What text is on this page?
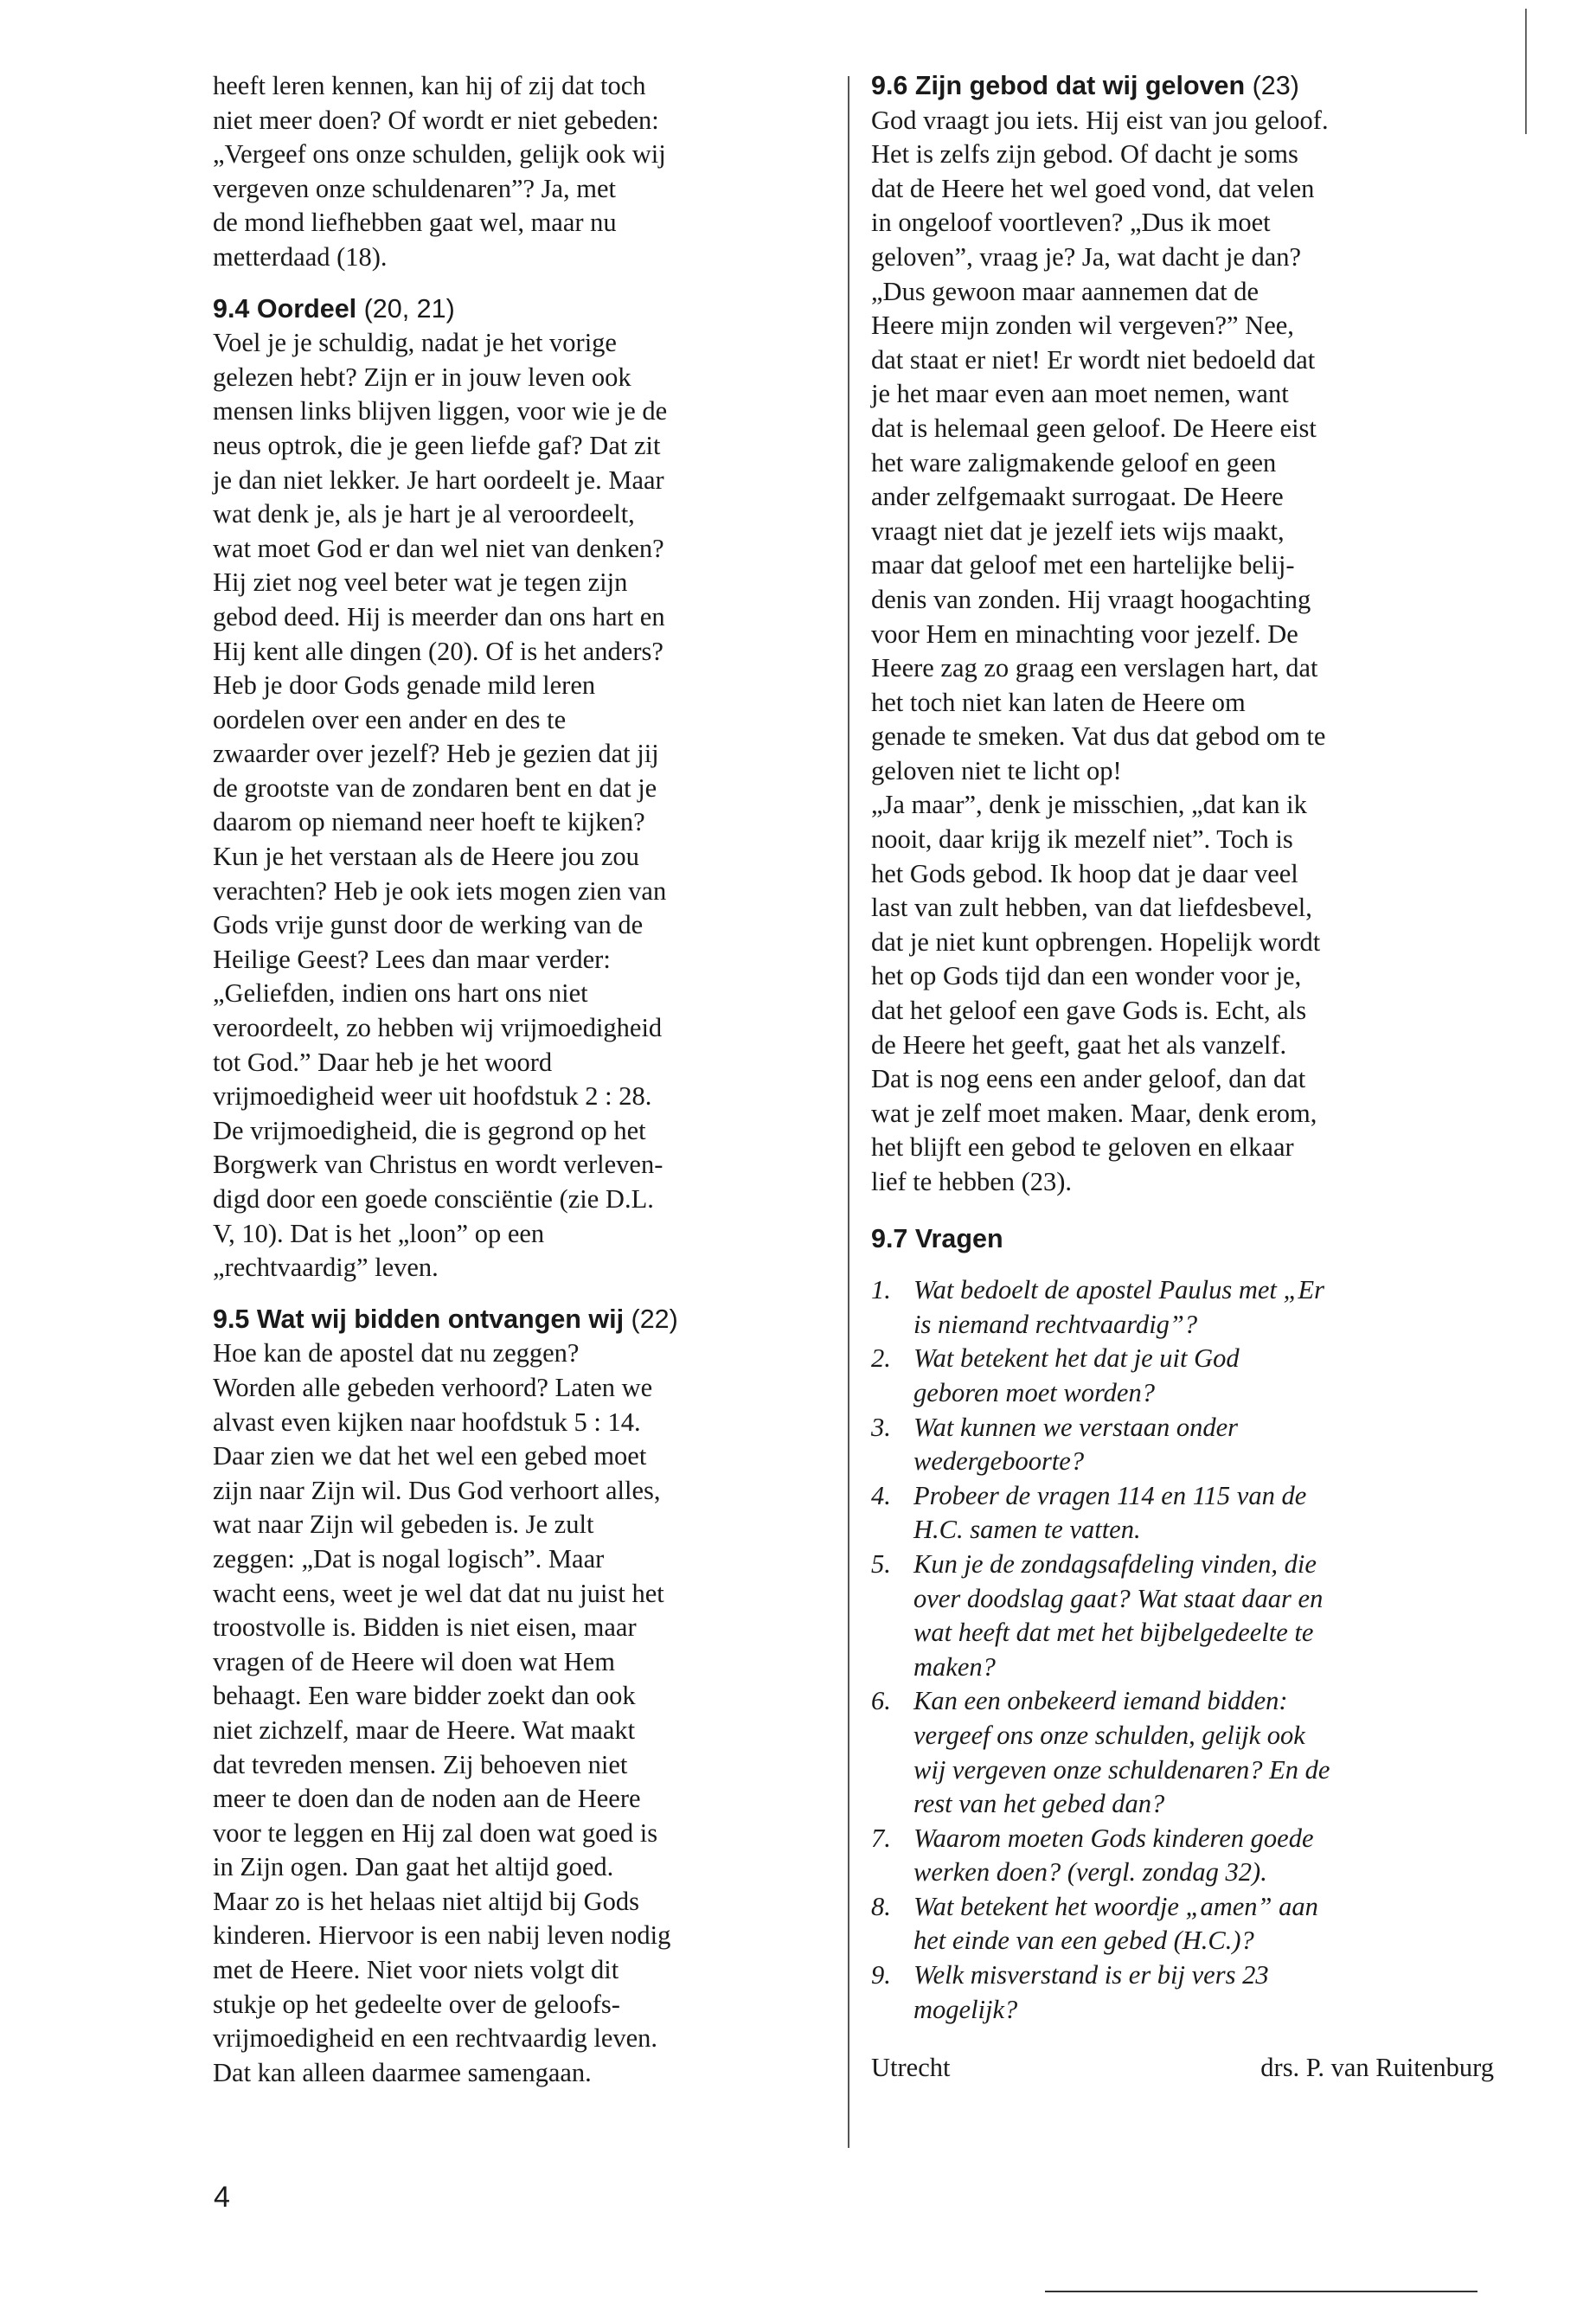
heeft leren kennen, kan hij of zij dat toch
niet meer doen? Of wordt er niet gebeden:
„Vergeef ons onze schulden, gelijk ook wij
vergeven onze schuldenaren”? Ja, met
de mond liefhebben gaat wel, maar nu
metterdaad (18).
9.4 Oordeel (20, 21)
Voel je je schuldig, nadat je het vorige
gelezen hebt? Zijn er in jouw leven ook
mensen links blijven liggen, voor wie je de
neus optrok, die je geen liefde gaf? Dat zit
je dan niet lekker. Je hart oordeelt je. Maar
wat denk je, als je hart je al veroordeelt,
wat moet God er dan wel niet van denken?
Hij ziet nog veel beter wat je tegen zijn
gebod deed. Hij is meerder dan ons hart en
Hij kent alle dingen (20). Of is het anders?
Heb je door Gods genade mild leren
oordelen over een ander en des te
zwaarder over jezelf? Heb je gezien dat jij
de grootste van de zondaren bent en dat je
daarom op niemand neer hoeft te kijken?
Kun je het verstaan als de Heere jou zou
verachten? Heb je ook iets mogen zien van
Gods vrije gunst door de werking van de
Heilige Geest? Lees dan maar verder:
„Geliefden, indien ons hart ons niet
veroordeelt, zo hebben wij vrijmoedigheid
tot God.” Daar heb je het woord
vrijmoedigheid weer uit hoofdstuk 2 : 28.
De vrijmoedigheid, die is gegrond op het
Borgwerk van Christus en wordt verleven-
digd door een goede consciëntie (zie D.L.
V, 10). Dat is het „loon” op een
„rechtvaardig” leven.
9.5 Wat wij bidden ontvangen wij (22)
Hoe kan de apostel dat nu zeggen?
Worden alle gebeden verhoord? Laten we
alvast even kijken naar hoofdstuk 5 : 14.
Daar zien we dat het wel een gebed moet
zijn naar Zijn wil. Dus God verhoort alles,
wat naar Zijn wil gebeden is. Je zult
zeggen: „Dat is nogal logisch”. Maar
wacht eens, weet je wel dat dat nu juist het
troostvolle is. Bidden is niet eisen, maar
vragen of de Heere wil doen wat Hem
behaagt. Een ware bidder zoekt dan ook
niet zichzelf, maar de Heere. Wat maakt
dat tevreden mensen. Zij behoeven niet
meer te doen dan de noden aan de Heere
voor te leggen en Hij zal doen wat goed is
in Zijn ogen. Dan gaat het altijd goed.
Maar zo is het helaas niet altijd bij Gods
kinderen. Hiervoor is een nabij leven nodig
met de Heere. Niet voor niets volgt dit
stukje op het gedeelte over de geloofs-
vrijmoedigheid en een rechtvaardig leven.
Dat kan alleen daarmee samengaan.
9.6 Zijn gebod dat wij geloven (23)
God vraagt jou iets. Hij eist van jou geloof.
Het is zelfs zijn gebod. Of dacht je soms
dat de Heere het wel goed vond, dat velen
in ongeloof voortleven? „Dus ik moet
geloven”, vraag je? Ja, wat dacht je dan?
„Dus gewoon maar aannemen dat de
Heere mijn zonden wil vergeven?” Nee,
dat staat er niet! Er wordt niet bedoeld dat
je het maar even aan moet nemen, want
dat is helemaal geen geloof. De Heere eist
het ware zaligmakende geloof en geen
ander zelfgemaakt surrogaat. De Heere
vraagt niet dat je jezelf iets wijs maakt,
maar dat geloof met een hartelijke belij-
denis van zonden. Hij vraagt hoogachting
voor Hem en minachting voor jezelf. De
Heere zag zo graag een verslagen hart, dat
het toch niet kan laten de Heere om
genade te smeken. Vat dus dat gebod om te
geloven niet te licht op!
„Ja maar”, denk je misschien, „dat kan ik
nooit, daar krijg ik mezelf niet”. Toch is
het Gods gebod. Ik hoop dat je daar veel
last van zult hebben, van dat liefdesbevel,
dat je niet kunt opbrengen. Hopelijk wordt
het op Gods tijd dan een wonder voor je,
dat het geloof een gave Gods is. Echt, als
de Heere het geeft, gaat het als vanzelf.
Dat is nog eens een ander geloof, dan dat
wat je zelf moet maken. Maar, denk erom,
het blijft een gebod te geloven en elkaar
lief te hebben (23).
9.7 Vragen
1. Wat bedoelt de apostel Paulus met „Er
is niemand rechtvaardig”?
2. Wat betekent het dat je uit God
geboren moet worden?
3. Wat kunnen we verstaan onder
wedergeboorte?
4. Probeer de vragen 114 en 115 van de
H.C. samen te vatten.
5. Kun je de zondagsafdeling vinden, die
over doodslag gaat? Wat staat daar en
wat heeft dat met het bijbelgedeelte te
maken?
6. Kan een onbekeerd iemand bidden:
vergeef ons onze schulden, gelijk ook
wij vergeven onze schuldenaren? En de
rest van het gebed dan?
7. Waarom moeten Gods kinderen goede
werken doen? (vergl. zondag 32).
8. Wat betekent het woordje „amen” aan
het einde van een gebed (H.C.)?
9. Welk misverstand is er bij vers 23
mogelijk?
Utrecht	drs. P. van Ruitenburg
4
